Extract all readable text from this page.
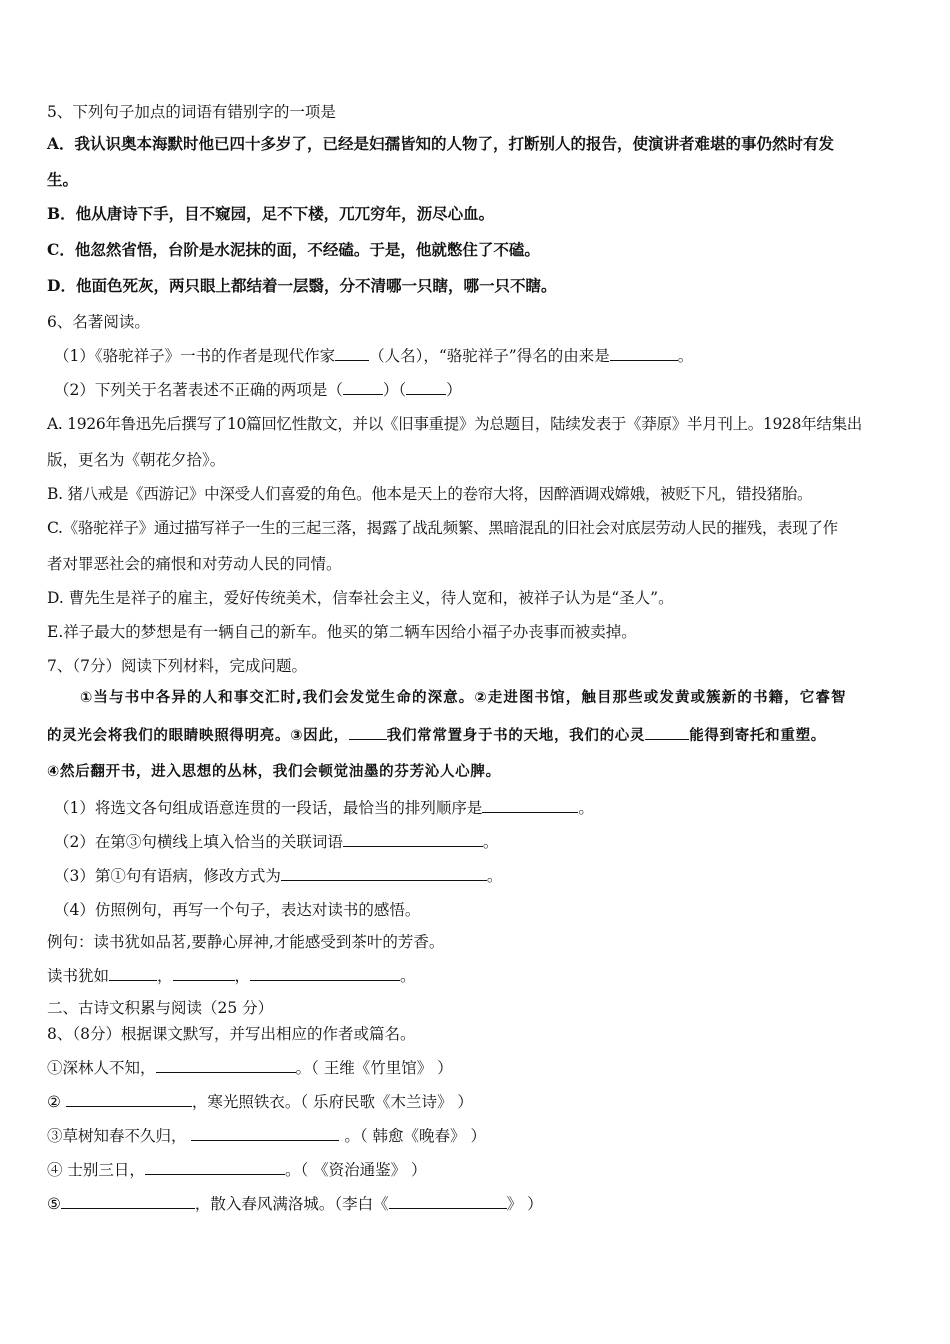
5、下列句子加点的词语有错别字的一项是
A．我认识奥本海默时他已四十多岁了，已经是妇孺皆知的人物了，打断别人的报告，使演讲者难堪的事仍然时有发
生。
B．他从唐诗下手，目不窥园，足不下楼，兀兀穷年，沥尽心血。
C．他忽然省悟，台阶是水泥抹的面，不经磕。于是，他就憋住了不磕。
D．他面色死灰，两只眼上都结着一层翳，分不清哪一只瞎，哪一只不瞎。
6、名著阅读。
（1）《骆驼祥子》一书的作者是现代作家 （人名），“骆驼祥子”得名的由来是	。
（2）下列关于名著表述不正确的两项是（	）（	）
A. 1926年鲁迅先后撰写了10篇回忆性散文，并以《旧事重提》为总题目，陆续发表于《莽原》半月刊上。1928年结集出
版，更名为《朝花夕拾》。
B. 猪八戒是《西游记》中深受人们喜爱的角色。他本是天上的卷帘大将，因醉酒调戏嫦娥，被贬下凡，错投猪胎。
C.《骆驼祥子》通过描写祥子一生的三起三落，揭露了战乱频繁、黑暗混乱的旧社会对底层劳动人民的摧残，表现了作
者对罪恶社会的痛恨和对劳动人民的同情。
D. 曹先生是祥子的雇主，爱好传统美术，信奉社会主义，待人宽和，被祥子认为是“圣人”。
E.祥子最大的梦想是有一辆自己的新车。他买的第二辆车因给小福子办丧事而被卖掉。
7、（7分）阅读下列材料，完成问题。
①当与书中各异的人和事交汇时,我们会发觉生命的深意。②走进图书馆，触目那些或发黄或簇新的书籍，它睿智
的灵光会将我们的眼睛映照得明亮。③因此，	我们常常置身于书的天地，我们的心灵	能得到寄托和重塑。
④然后翻开书，进入思想的丛林，我们会顿觉油墨的芬芳沁人心脾。
（1）将选文各句组成语意连贯的一段话，最恰当的排列顺序是	。
（2）在第③句横线上填入恰当的关联词语	。
（3）第①句有语病，修改方式为	。
（4）仿照例句，再写一个句子，表达对读书的感悟。
例句：读书犹如品茗,要静心屏神,才能感受到茶叶的芳香。
读书犹如	，	，	。
二、古诗文积累与阅读（25 分）
8、（8分）根据课文默写，并写出相应的作者或篇名。
①深林人不知，	。（ 王维《竹里馆》 ）
②	，寒光照铁衣。（ 乐府民歌《木兰诗》 ）
③草树知春不久归，	。（ 韩愈《晚春》 ）
④ 士别三日，	。（ 《资治通鉴》 ）
⑤	，散入春风满洛城。（李白《	》 ）
